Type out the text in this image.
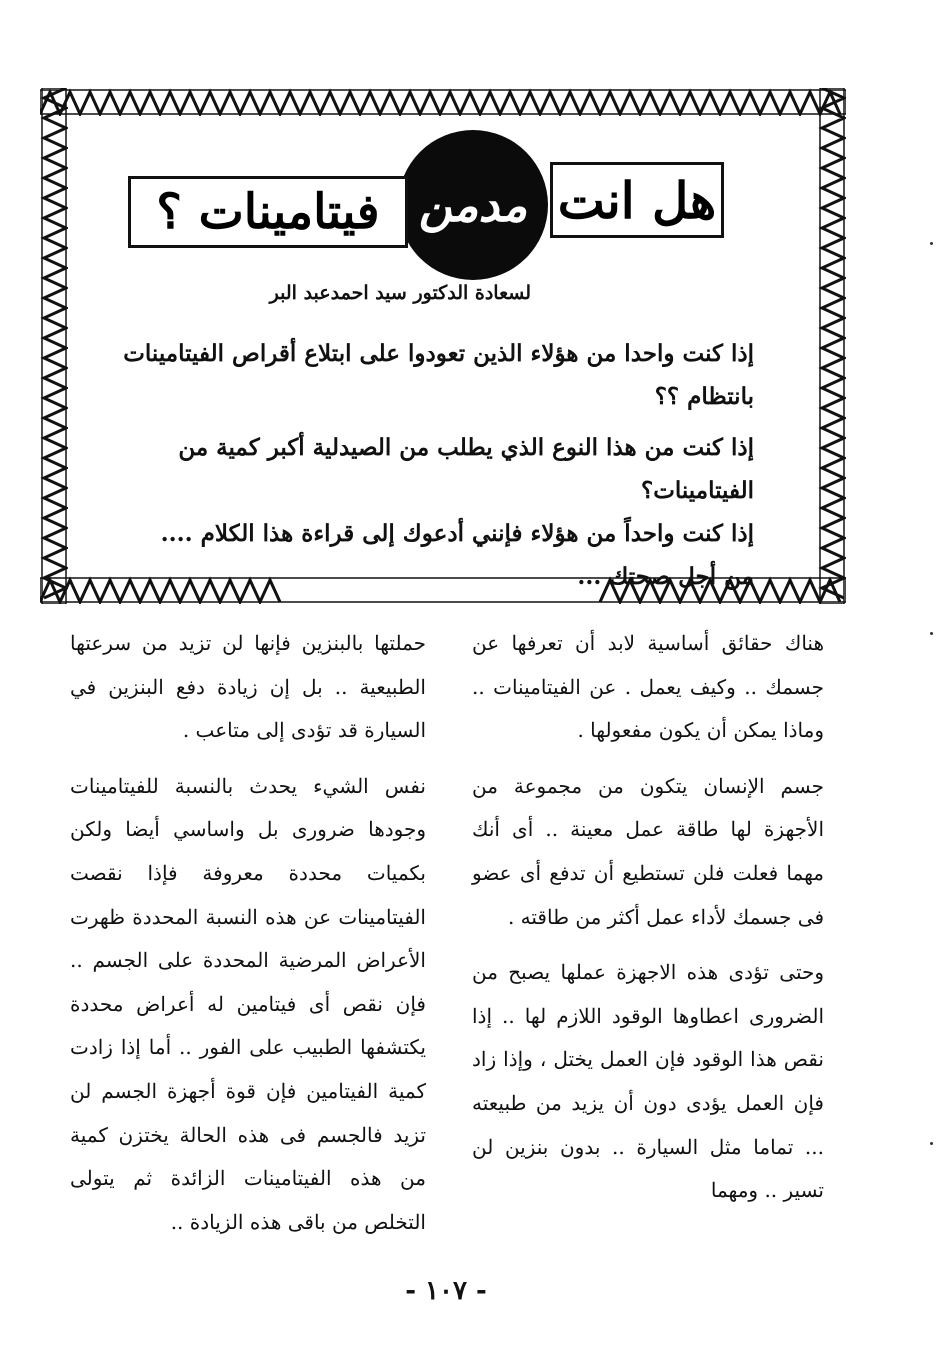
هل انت
مدمن
فيتامينات ؟
لسعادة الدكتور سيد احمدعبد البر

إذا كنت واحدا من هؤلاء الذين تعودوا على ابتلاع أقراص الفيتامينات بانتظام ؟؟

إذا كنت من هذا النوع الذي يطلب من الصيدلية أكبر كمية من الفيتامينات؟

إذا كنت واحداً من هؤلاء فإنني أدعوك إلى قراءة هذا الكلام ....

من أجل صحتك ...

هناك حقائق أساسية لابد أن تعرفها عن جسمك .. وكيف يعمل . عن الفيتامينات .. وماذا يمكن أن يكون مفعولها .

جسم الإنسان يتكون من مجموعة من الأجهزة لها طاقة عمل معينة .. أى أنك مهما فعلت فلن تستطيع أن تدفع أى عضو فى جسمك لأداء عمل أكثر من طاقته .

وحتى تؤدى هذه الاجهزة عملها يصبح من الضرورى اعطاوها الوقود اللازم لها .. إذا نقص هذا الوقود فإن العمل يختل ، وإذا زاد فإن العمل يؤدى دون أن يزيد من طبيعته ... تماما مثل السيارة .. بدون بنزين لن تسير .. ومهما

حملتها بالبنزين فإنها لن تزيد من سرعتها الطبيعية .. بل إن زيادة دفع البنزين في السيارة قد تؤدى إلى متاعب .

نفس الشيء يحدث بالنسبة للفيتامينات وجودها ضرورى بل واساسي أيضا ولكن بكميات محددة معروفة فإذا نقصت الفيتامينات عن هذه النسبة المحددة ظهرت الأعراض المرضية المحددة على الجسم .. فإن نقص أى فيتامين له أعراض محددة يكتشفها الطبيب على الفور .. أما إذا زادت كمية الفيتامين فإن قوة أجهزة الجسم لن تزيد فالجسم فى هذه الحالة يختزن كمية من هذه الفيتامينات الزائدة ثم يتولى التخلص من باقى هذه الزيادة ..

- ١٠٧ -
